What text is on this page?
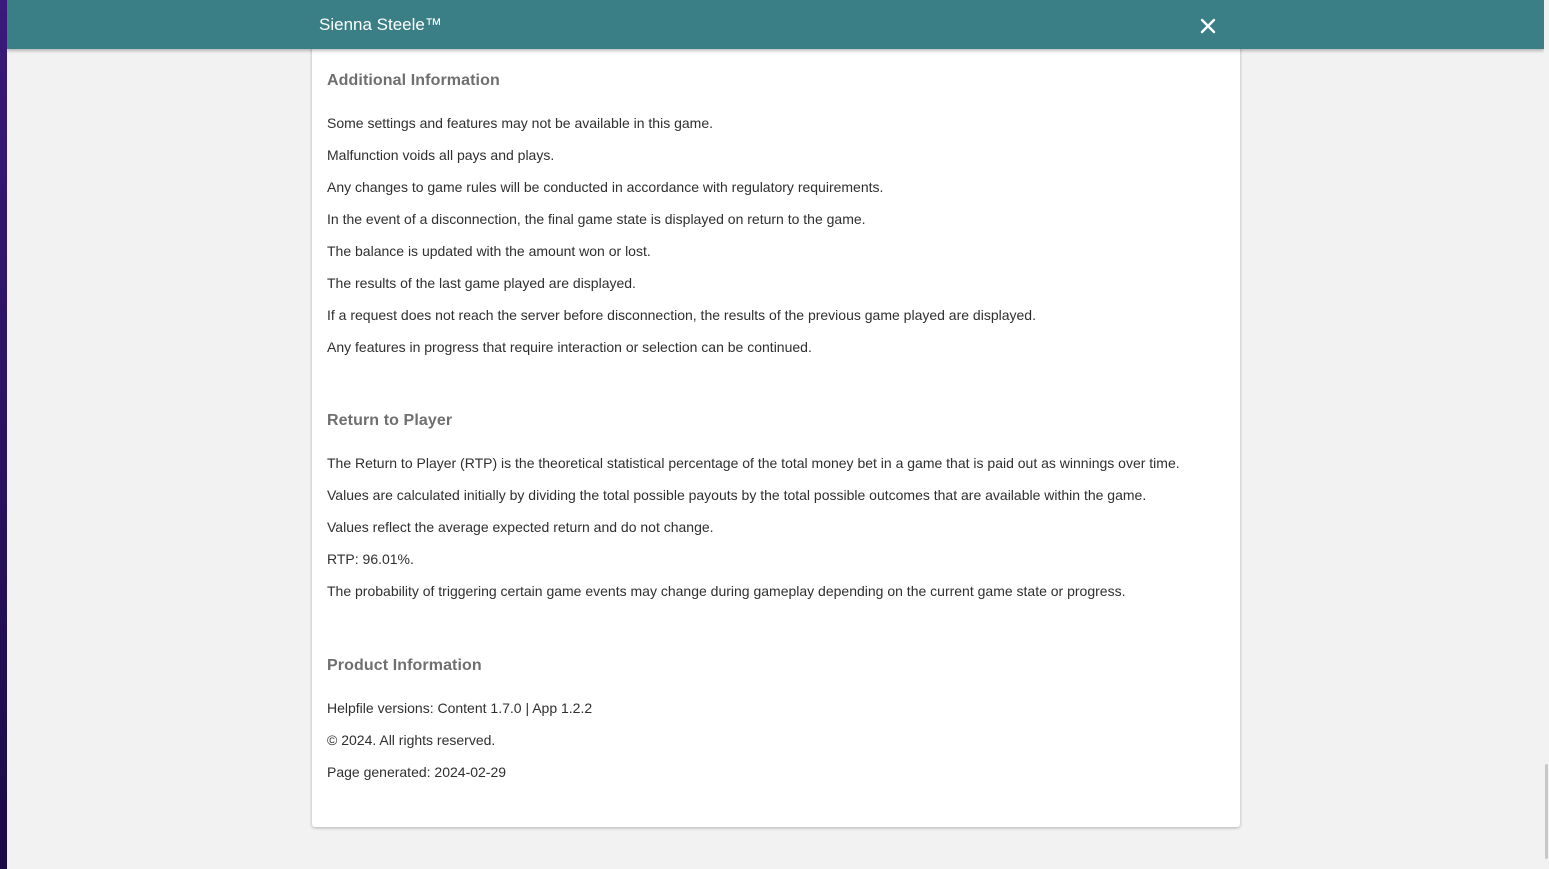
Sienna Steele™
Additional Information

Some settings and features may not be available in this game.

Malfunction voids all pays and plays.

Any changes to game rules will be conducted in accordance with regulatory requirements.

In the event of a disconnection, the final game state is displayed on return to the game.

The balance is updated with the amount won or lost.

The results of the last game played are displayed.

If a request does not reach the server before disconnection, the results of the previous game played are displayed.

Any features in progress that require interaction or selection can be continued.

Return to Player

The Return to Player (RTP) is the theoretical statistical percentage of the total money bet in a game that is paid out as winnings over time.

Values are calculated initially by dividing the total possible payouts by the total possible outcomes that are available within the game.

Values reflect the average expected return and do not change.

RTP: 96.01%.

The probability of triggering certain game events may change during gameplay depending on the current game state or progress.

Product Information

Helpfile versions: Content 1.7.0 | App 1.2.2

© 2024. All rights reserved.

Page generated: 2024-02-29
